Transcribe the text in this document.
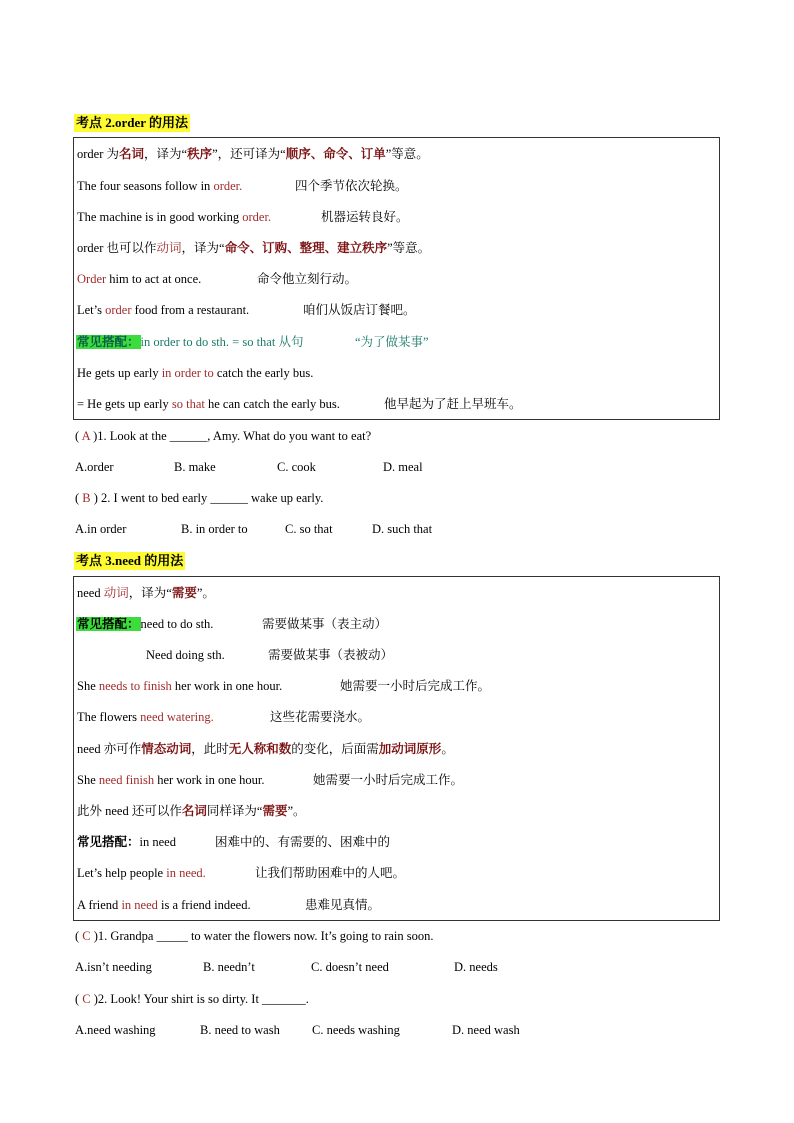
考点 2.order 的用法
order 为名词，译为“秩序”，还可译为“顺序、命令、订单”等意。
The four seasons follow in order.	四个季节依次轮换。
The machine is in good working order.	机器运转良好。
order 也可以作动词，译为“命令、订购、整理、建立秩序”等意。
Order him to act at once.	命令他立刻行动。
Let’s order food from a restaurant.	咱们从饭店订餐吧。
常见搭配：in order to do sth. = so that 从句	“为了做某事”
He gets up early in order to catch the early bus.
= He gets up early so that he can catch the early bus.	他早起为了赶上早班车。
( A )1. Look at the ______, Amy. What do you want to eat?
A.order	B. make	C. cook	D. meal
( B ) 2. I went to bed early ______ wake up early.
A.in order	B. in order to	C. so that	D. such that
考点 3.need 的用法
need 动词，译为“需要”。
常见搭配：need to do sth.	需要做某事（表主动）
Need doing sth.	需要做某事（表被动）
She needs to finish her work in one hour.	她需要一小时后完成工作。
The flowers need watering.	这些花需要浇水。
need 亦可作情态动词，此时无人称和数的变化，后面需加动词原形。
She need finish her work in one hour.	她需要一小时后完成工作。
此外 need 还可以作名词同样译为“需要”。
常见搭配：in need	困难中的、有需要的、困难中的
Let’s help people in need.	让我们帮助困难中的人吧。
A friend in need is a friend indeed.	患难见真情。
( C )1. Grandpa _____ to water the flowers now. It’s going to rain soon.
A.isn’t needing	B. needn’t	C. doesn’t need	D. needs
( C )2. Look! Your shirt is so dirty. It _______.
A.need washing	B. need to wash	C. needs washing	D. need wash
